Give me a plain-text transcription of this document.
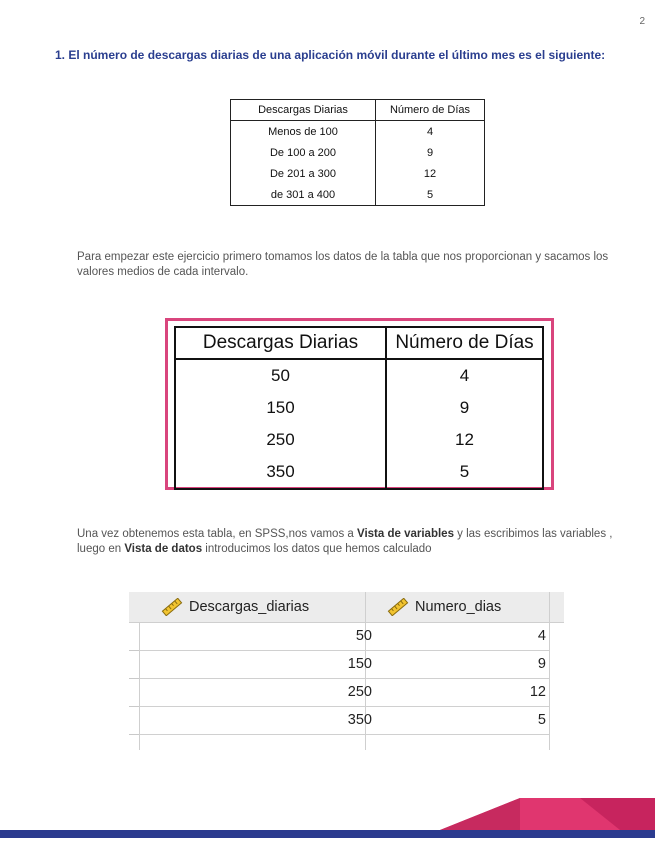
2
1. El número de descargas diarias de una aplicación móvil durante el último mes es el siguiente:
Descargas Diarias	Número de Días
Menos de 100	4
De 100 a 200	9
De 201 a 300	12
de 301 a 400	5
Para empezar este ejercicio primero tomamos los datos de la tabla que nos proporcionan y sacamos los valores medios de cada intervalo.
Descargas Diarias	Número de Días
50	4
150	9
250	12
350	5
Una vez obtenemos esta tabla, en SPSS,nos vamos a Vista de variables y las escribimos las variables , luego en Vista de datos introducimos los datos que hemos calculado
Descargas_diarias	Numero_dias
50	4
150	9
250	12
350	5
